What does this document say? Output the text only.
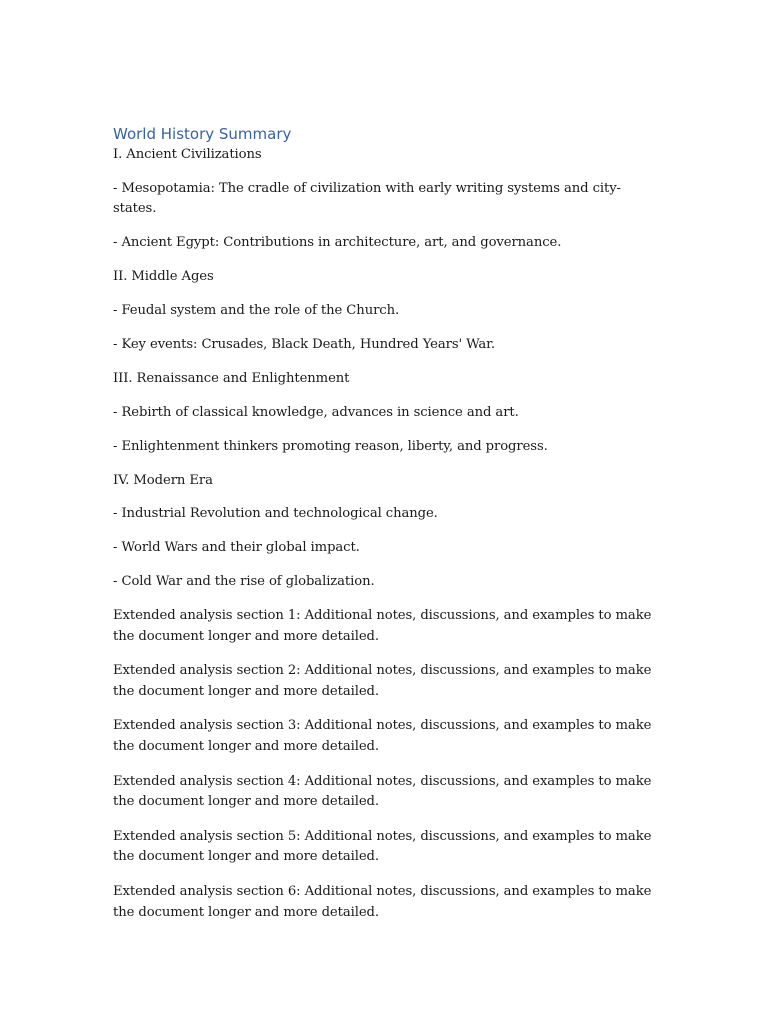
World History Summary

I. Ancient Civilizations

- Mesopotamia: The cradle of civilization with early writing systems and city-states.

- Ancient Egypt: Contributions in architecture, art, and governance.

II. Middle Ages

- Feudal system and the role of the Church.

- Key events: Crusades, Black Death, Hundred Years' War.

III. Renaissance and Enlightenment

- Rebirth of classical knowledge, advances in science and art.

- Enlightenment thinkers promoting reason, liberty, and progress.

IV. Modern Era

- Industrial Revolution and technological change.

- World Wars and their global impact.

- Cold War and the rise of globalization.

Extended analysis section 1: Additional notes, discussions, and examples to make the document longer and more detailed.

Extended analysis section 2: Additional notes, discussions, and examples to make the document longer and more detailed.

Extended analysis section 3: Additional notes, discussions, and examples to make the document longer and more detailed.

Extended analysis section 4: Additional notes, discussions, and examples to make the document longer and more detailed.

Extended analysis section 5: Additional notes, discussions, and examples to make the document longer and more detailed.

Extended analysis section 6: Additional notes, discussions, and examples to make the document longer and more detailed.
